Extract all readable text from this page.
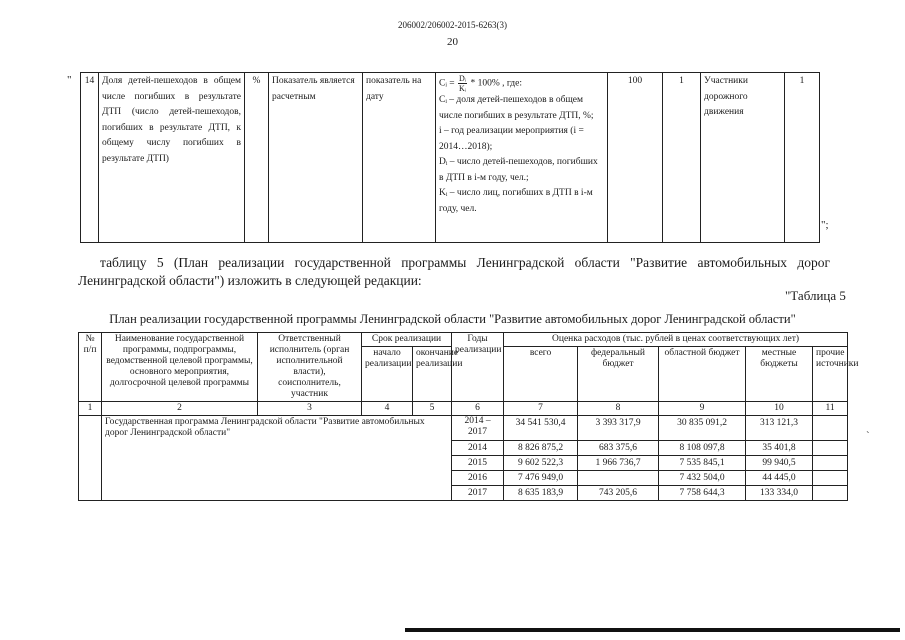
206002/206002-2015-6263(3)
20
" 14	Доля детей-пешеходов в общем числе погибших в результате ДТП (число детей-пешеходов, погибших в результате ДТП, к общему числу погибших в результате ДТП)	%	Показатель является расчетным	показатель на дату	
Cᵢ = $\frac{\text{Dᵢ}}{\text{Kᵢ}} * 100\%$ , где:
Cᵢ – доля детей-пешеходов в общем числе погибших в результате ДТП, %;
i – год реализации мероприятия (i = 2014…2018);
Dᵢ – число детей-пешеходов, погибших в ДТП в i-м году, чел.;
Kᵢ – число лиц, погибших в ДТП в i-м году, чел.
	100	1	Участники дорожного движения	1
";
таблицу 5 (План реализации государственной программы Ленинградской области "Развитие автомобильных дорог Ленинградской области") изложить в следующей редакции:
"Таблица 5
План реализации государственной программы Ленинградской области "Развитие автомобильных дорог Ленинградской области"
№ п/п	Наименование государственной программы, подпрограммы, ведомственной целевой программы, основного мероприятия, долгосрочной целевой программы	Ответственный исполнитель (орган исполнительной власти), соисполнитель, участник	Срок реализации		Годы реализации	Оценка расходов (тыс. рублей в ценах соответствующих лет)				
			начало реализации	окончание реализации		всего	федеральный бюджет	областной бюджет	местные бюджеты	прочие источники
1	2	3	4	5	6	7	8	9	10	11
	Государственная программа Ленинградской области "Развитие автомобильных дорог Ленинградской области"				2014 – 2017	34 541 530,4	3 393 317,9	30 835 091,2	313 121,3	
					2014	8 826 875,2	683 375,6	8 108 097,8	35 401,8	
					2015	9 602 522,3	1 966 736,7	7 535 845,1	99 940,5	
					2016	7 476 949,0		7 432 504,0	44 445,0	
					2017	8 635 183,9	743 205,6	7 758 644,3	133 334,0	
`
